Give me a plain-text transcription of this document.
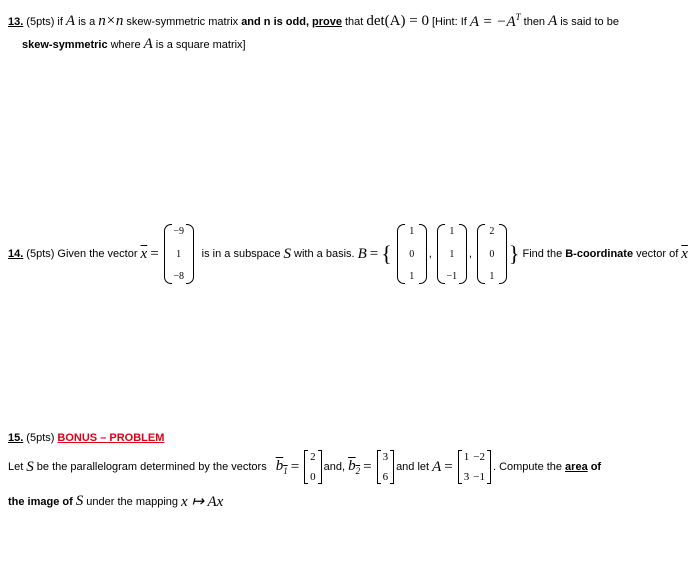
13. (5pts) if A is a n×n skew-symmetric matrix and n is odd, prove that det(A) = 0 [Hint: If $A = -A^T$ then A is said to be
skew-symmetric where A is a square matrix]
14. (5pts) Given the vector $\overline{x}$ =
−9
1
−8
is in a subspace S with a basis. B = {
1
0
1
,
1
1
−1
,
2
0
1
} Find the B-coordinate vector of $\overline{x}$
15. (5pts) BONUS – PROBLEM
Let S be the parallelogram determined by the vectors $b_1$ =
2
0
and, $b_2$ =
3
6
and let A =
1
3
−2
−1
. Compute the area of
the image of S under the mapping x ↦ Ax
